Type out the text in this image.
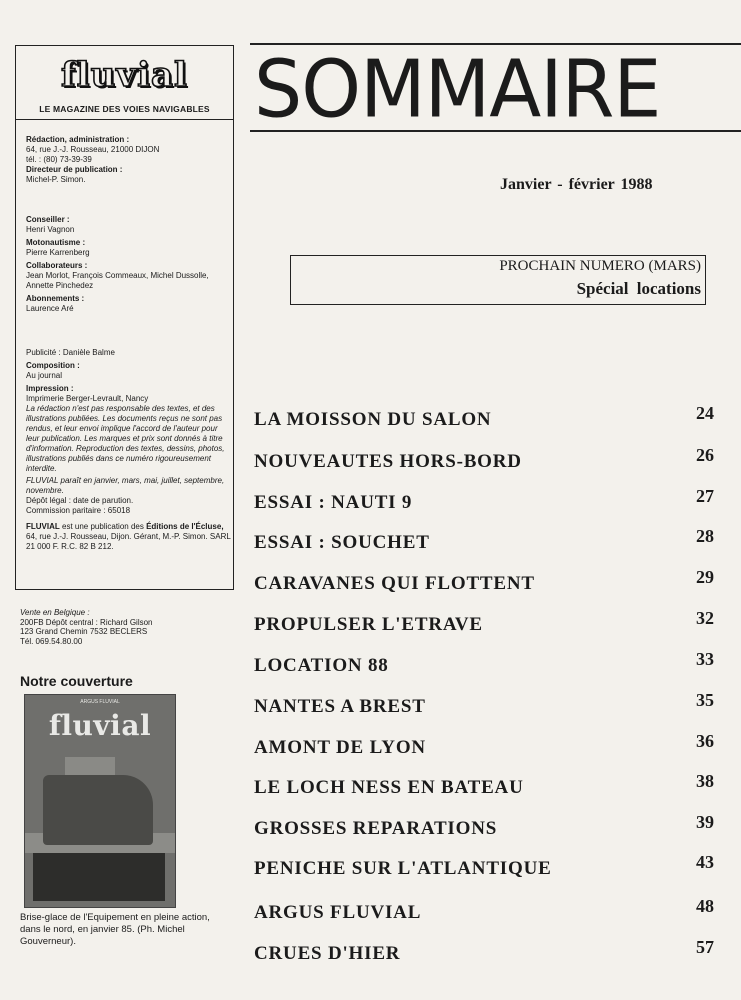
fluvial
LE MAGAZINE DES VOIES NAVIGABLES
Rédaction, administration :
64, rue J.-J. Rousseau, 21000 DIJON
tél. : (80) 73-39-39
Directeur de publication :
Michel-P. Simon.
Conseiller :
Henri Vagnon
Motonautisme :
Pierre Karrenberg
Collaborateurs :
Jean Morlot, François Commeaux, Michel Dussolle, Annette Pinchedez
Abonnements :
Laurence Aré
Publicité : Danièle Balme
Composition :
Au journal
Impression :
Imprimerie Berger-Levrault, Nancy
La rédaction n'est pas responsable des textes, et des illustrations publiées. Les documents reçus ne sont pas rendus, et leur envoi implique l'accord de l'auteur pour leur publication. Les marques et prix sont donnés à titre d'information. Reproduction des textes, dessins, photos, illustrations publiés dans ce numéro rigoureusement interdite.
FLUVIAL paraît en janvier, mars, mai, juillet, septembre, novembre.
Dépôt légal : date de parution.
Commission paritaire : 65018
FLUVIAL est une publication des Éditions de l'Écluse, 64, rue J.-J. Rousseau, Dijon. Gérant, M.-P. Simon. SARL 21 000 F. R.C. 82 B 212.
Vente en Belgique :
200FB Dépôt central : Richard Gilson
123 Grand Chemin 7532 BECLERS
Tél. 069.54.80.00
Notre couverture
ARGUS FLUVIAL
fluvial
Brise-glace de l'Equipement en pleine action, dans le nord, en janvier 85. (Ph. Michel Gouverneur).
SOMMAIRE
Janvier - février 1988
PROCHAIN NUMERO (MARS)
Spécial locations
LA MOISSON DU SALON	24
NOUVEAUTES HORS-BORD	26
ESSAI : NAUTI 9	27
ESSAI : SOUCHET	28
CARAVANES QUI FLOTTENT	29
PROPULSER L'ETRAVE	32
LOCATION 88	33
NANTES A BREST	35
AMONT DE LYON	36
LE LOCH NESS EN BATEAU	38
GROSSES REPARATIONS	39
PENICHE SUR L'ATLANTIQUE	43
ARGUS FLUVIAL	48
CRUES D'HIER	57
